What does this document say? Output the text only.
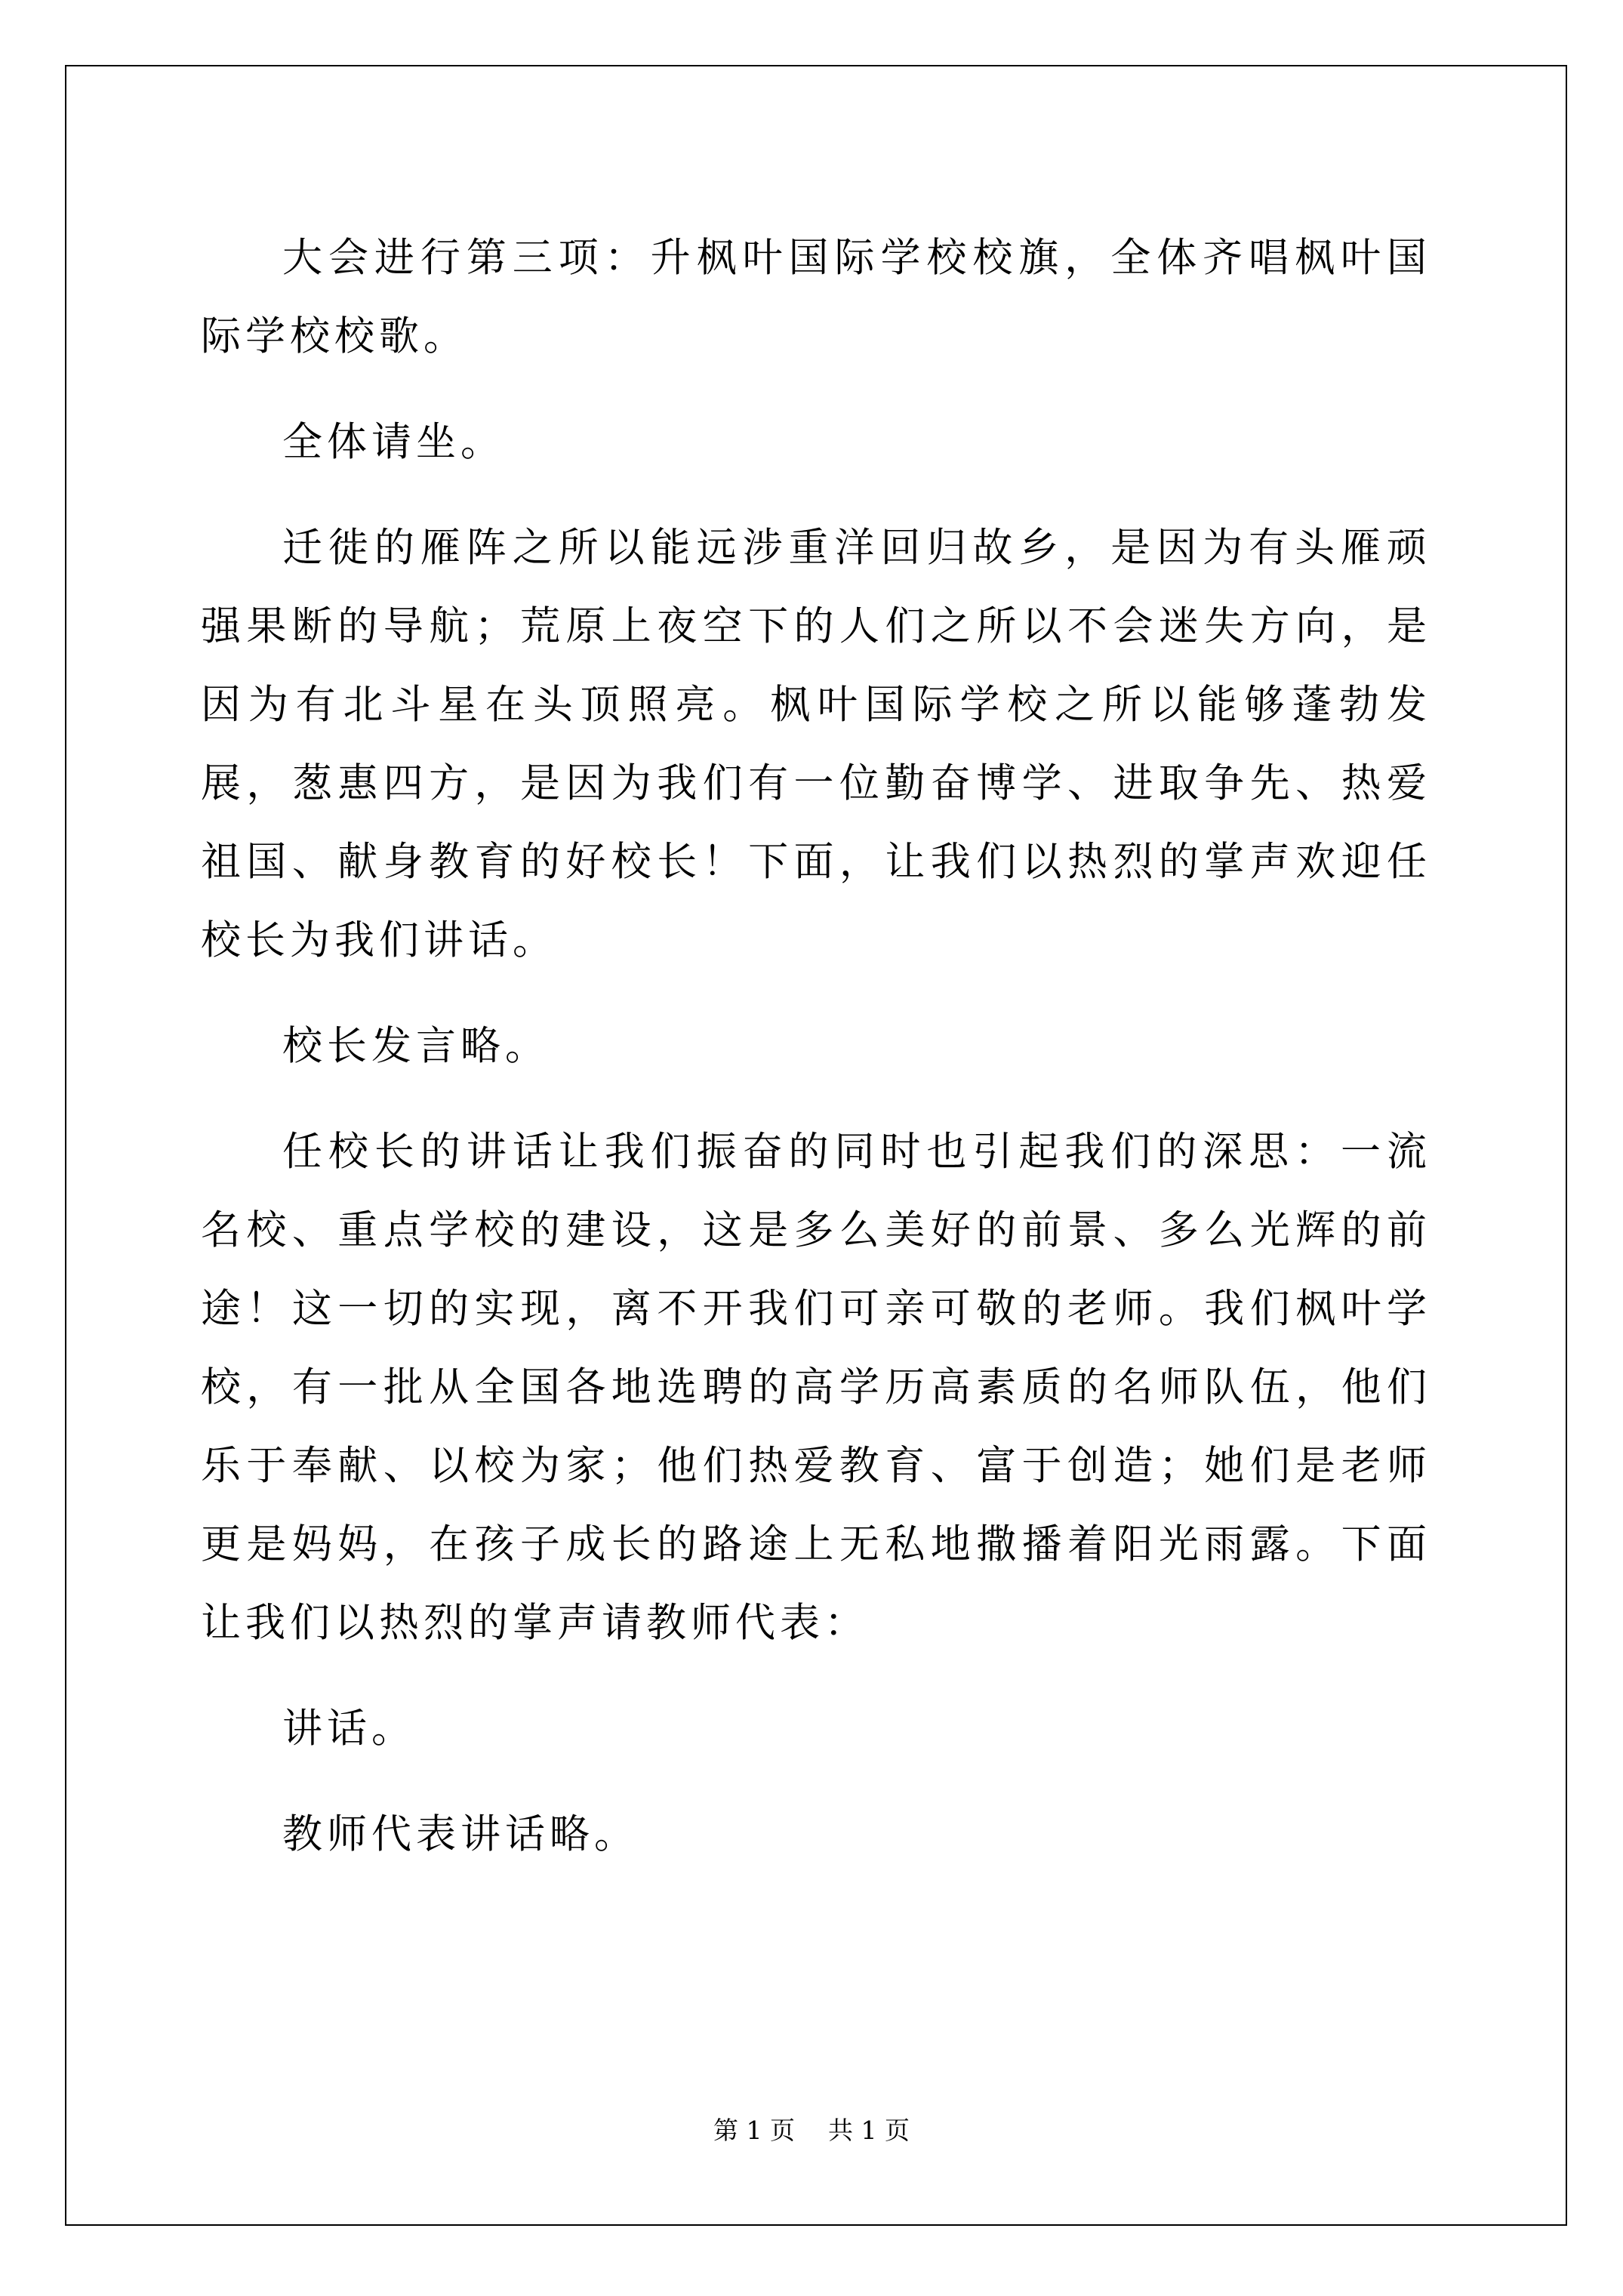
大会进行第三项：升枫叶国际学校校旗，全体齐唱枫叶国际学校校歌。

全体请坐。

迁徙的雁阵之所以能远涉重洋回归故乡，是因为有头雁顽强果断的导航；荒原上夜空下的人们之所以不会迷失方向，是因为有北斗星在头顶照亮。枫叶国际学校之所以能够蓬勃发展，葱惠四方，是因为我们有一位勤奋博学、进取争先、热爱祖国、献身教育的好校长！下面，让我们以热烈的掌声欢迎任校长为我们讲话。

校长发言略。

任校长的讲话让我们振奋的同时也引起我们的深思：一流名校、重点学校的建设，这是多么美好的前景、多么光辉的前途！这一切的实现，离不开我们可亲可敬的老师。我们枫叶学校，有一批从全国各地选聘的高学历高素质的名师队伍，他们乐于奉献、以校为家；他们热爱教育、富于创造；她们是老师更是妈妈，在孩子成长的路途上无私地撒播着阳光雨露。下面让我们以热烈的掌声请教师代表：

讲话。

教师代表讲话略。

第 1 页 共 1 页
